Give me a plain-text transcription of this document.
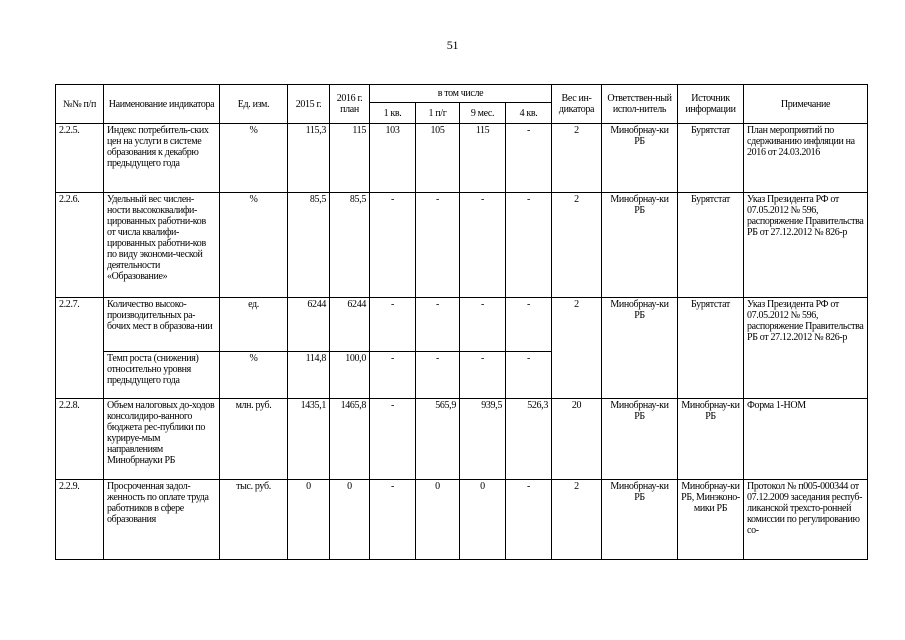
51
№№ п/п	Наименование индикатора	Ед. изм.	2015 г.	2016 г. план	в том числе				Вес ин-дикатора	Ответствен-ный испол-нитель	Источник информации	Примечание
					1 кв.	1 п/г	9 мес.	4 кв.				
2.2.5.	Индекс потребитель-ских цен на услуги в системе образования к декабрю предыдущего года	%	115,3	115	103	105	115	-	2	Минобрнау-ки РБ	Бурятстат	План мероприятий по сдерживанию инфляции на 2016 от 24.03.2016
2.2.6.	Удельный вес числен-ности высококвалифи-цированных работни-ков от числа квалифи-цированных работни-ков по виду экономи-ческой деятельности «Образование»	%	85,5	85,5	-	-	-	-	2	Минобрнау-ки РБ	Бурятстат	Указ Президента РФ от 07.05.2012 № 596, распоряжение Правительства РБ от 27.12.2012 № 826-р
2.2.7.	Количество высоко-производительных ра-бочих мест в образова-нии	ед.	6244	6244	-	-	-	-	2	Минобрнау-ки РБ	Бурятстат	Указ Президента РФ от 07.05.2012 № 596, распоряжение Правительства РБ от 27.12.2012 № 826-р
	Темп роста (снижения) относительно уровня предыдущего года	%	114,8	100,0	-	-	-	-				
2.2.8.	Объем налоговых до-ходов консолидиро-ванного бюджета рес-публики по курируе-мым направлениям Минобрнауки РБ	млн. руб.	1435,1	1465,8	-	565,9	939,5	526,3	20	Минобрнау-ки РБ	Минобрнау-ки РБ	Форма 1-НОМ
2.2.9.	Просроченная задол-женность по оплате труда работников в сфере образования	тыс. руб.	0	0	-	0	0	-	2	Минобрнау-ки РБ	Минобрнау-ки РБ, Минэконо-мики РБ	Протокол № п005-000344 от 07.12.2009 заседания респуб-ликанской трехсто-ронней комиссии по регулированию со-
